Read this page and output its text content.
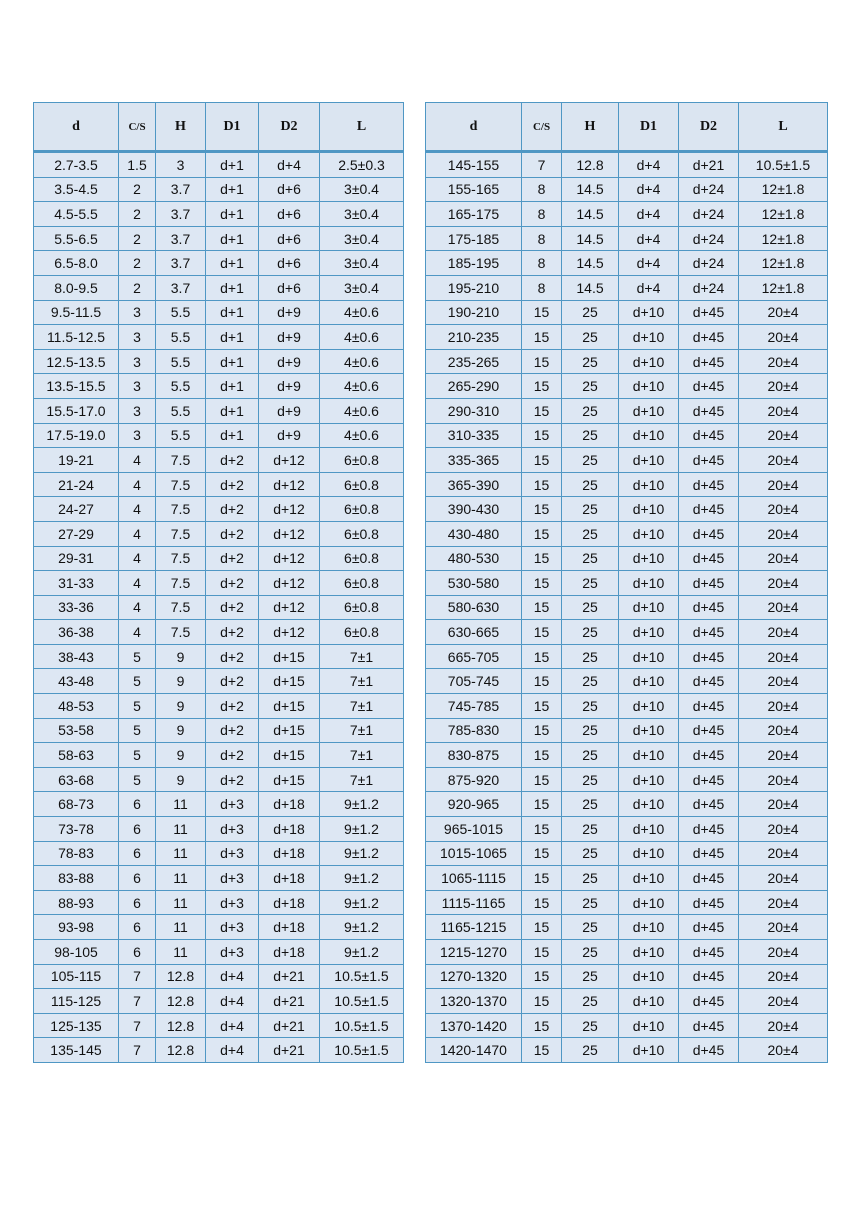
d	C/S	H	D1	D2	L
2.7-3.5	1.5	3	d+1	d+4	2.5±0.3
3.5-4.5	2	3.7	d+1	d+6	3±0.4
4.5-5.5	2	3.7	d+1	d+6	3±0.4
5.5-6.5	2	3.7	d+1	d+6	3±0.4
6.5-8.0	2	3.7	d+1	d+6	3±0.4
8.0-9.5	2	3.7	d+1	d+6	3±0.4
9.5-11.5	3	5.5	d+1	d+9	4±0.6
11.5-12.5	3	5.5	d+1	d+9	4±0.6
12.5-13.5	3	5.5	d+1	d+9	4±0.6
13.5-15.5	3	5.5	d+1	d+9	4±0.6
15.5-17.0	3	5.5	d+1	d+9	4±0.6
17.5-19.0	3	5.5	d+1	d+9	4±0.6
19-21	4	7.5	d+2	d+12	6±0.8
21-24	4	7.5	d+2	d+12	6±0.8
24-27	4	7.5	d+2	d+12	6±0.8
27-29	4	7.5	d+2	d+12	6±0.8
29-31	4	7.5	d+2	d+12	6±0.8
31-33	4	7.5	d+2	d+12	6±0.8
33-36	4	7.5	d+2	d+12	6±0.8
36-38	4	7.5	d+2	d+12	6±0.8
38-43	5	9	d+2	d+15	7±1
43-48	5	9	d+2	d+15	7±1
48-53	5	9	d+2	d+15	7±1
53-58	5	9	d+2	d+15	7±1
58-63	5	9	d+2	d+15	7±1
63-68	5	9	d+2	d+15	7±1
68-73	6	11	d+3	d+18	9±1.2
73-78	6	11	d+3	d+18	9±1.2
78-83	6	11	d+3	d+18	9±1.2
83-88	6	11	d+3	d+18	9±1.2
88-93	6	11	d+3	d+18	9±1.2
93-98	6	11	d+3	d+18	9±1.2
98-105	6	11	d+3	d+18	9±1.2
105-115	7	12.8	d+4	d+21	10.5±1.5
115-125	7	12.8	d+4	d+21	10.5±1.5
125-135	7	12.8	d+4	d+21	10.5±1.5
135-145	7	12.8	d+4	d+21	10.5±1.5
d	C/S	H	D1	D2	L
145-155	7	12.8	d+4	d+21	10.5±1.5
155-165	8	14.5	d+4	d+24	12±1.8
165-175	8	14.5	d+4	d+24	12±1.8
175-185	8	14.5	d+4	d+24	12±1.8
185-195	8	14.5	d+4	d+24	12±1.8
195-210	8	14.5	d+4	d+24	12±1.8
190-210	15	25	d+10	d+45	20±4
210-235	15	25	d+10	d+45	20±4
235-265	15	25	d+10	d+45	20±4
265-290	15	25	d+10	d+45	20±4
290-310	15	25	d+10	d+45	20±4
310-335	15	25	d+10	d+45	20±4
335-365	15	25	d+10	d+45	20±4
365-390	15	25	d+10	d+45	20±4
390-430	15	25	d+10	d+45	20±4
430-480	15	25	d+10	d+45	20±4
480-530	15	25	d+10	d+45	20±4
530-580	15	25	d+10	d+45	20±4
580-630	15	25	d+10	d+45	20±4
630-665	15	25	d+10	d+45	20±4
665-705	15	25	d+10	d+45	20±4
705-745	15	25	d+10	d+45	20±4
745-785	15	25	d+10	d+45	20±4
785-830	15	25	d+10	d+45	20±4
830-875	15	25	d+10	d+45	20±4
875-920	15	25	d+10	d+45	20±4
920-965	15	25	d+10	d+45	20±4
965-1015	15	25	d+10	d+45	20±4
1015-1065	15	25	d+10	d+45	20±4
1065-1115	15	25	d+10	d+45	20±4
1115-1165	15	25	d+10	d+45	20±4
1165-1215	15	25	d+10	d+45	20±4
1215-1270	15	25	d+10	d+45	20±4
1270-1320	15	25	d+10	d+45	20±4
1320-1370	15	25	d+10	d+45	20±4
1370-1420	15	25	d+10	d+45	20±4
1420-1470	15	25	d+10	d+45	20±4
